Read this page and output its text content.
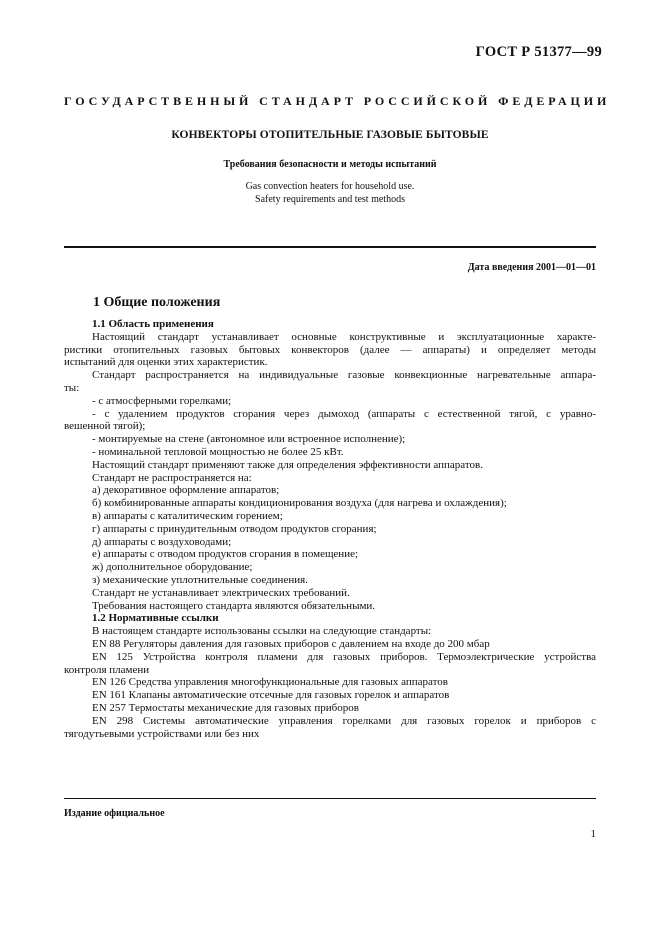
ГОСТ Р 51377—99
ГОСУДАРСТВЕННЫЙ СТАНДАРТ РОССИЙСКОЙ ФЕДЕРАЦИИ
КОНВЕКТОРЫ ОТОПИТЕЛЬНЫЕ ГАЗОВЫЕ БЫТОВЫЕ
Требования безопасности и методы испытаний
Gas convection heaters for household use.
Safety requirements and test methods
Дата введения 2001—01—01
1 Общие положения
1.1 Область применения
Настоящий стандарт устанавливает основные конструктивные и эксплуатационные характе-
ристики отопительных газовых бытовых конвекторов (далее — аппараты) и определяет методы
испытаний для оценки этих характеристик.
Стандарт распространяется на индивидуальные газовые конвекционные нагревательные аппара-
ты:
- с атмосферными горелками;
- с удалением продуктов сгорания через дымоход (аппараты с естественной тягой, с уравно-
вешенной тягой);
- монтируемые на стене (автономное или встроенное исполнение);
- номинальной тепловой мощностью не более 25 кВт.
Настоящий стандарт применяют также для определения эффективности аппаратов.
Стандарт не распространяется на:
а) декоративное оформление аппаратов;
б) комбинированные аппараты кондиционирования воздуха (для нагрева и охлаждения);
в) аппараты с каталитическим горением;
г) аппараты с принудительным отводом продуктов сгорания;
д) аппараты с воздуховодами;
е) аппараты с отводом продуктов сгорания в помещение;
ж) дополнительное оборудование;
з) механические уплотнительные соединения.
Стандарт не устанавливает электрических требований.
Требования настоящего стандарта являются обязательными.
1.2 Нормативные ссылки
В настоящем стандарте использованы ссылки на следующие стандарты:
EN 88 Регуляторы давления для газовых приборов с давлением на входе до 200 мбар
EN 125 Устройства контроля пламени для газовых приборов. Термоэлектрические устройства
контроля пламени
EN 126 Средства управления многофункциональные для газовых аппаратов
EN 161 Клапаны автоматические отсечные для газовых горелок и аппаратов
EN 257 Термостаты механические для газовых приборов
EN 298 Системы автоматические управления горелками для газовых горелок и приборов с
тягодутьевыми устройствами или без них
Издание официальное
1
